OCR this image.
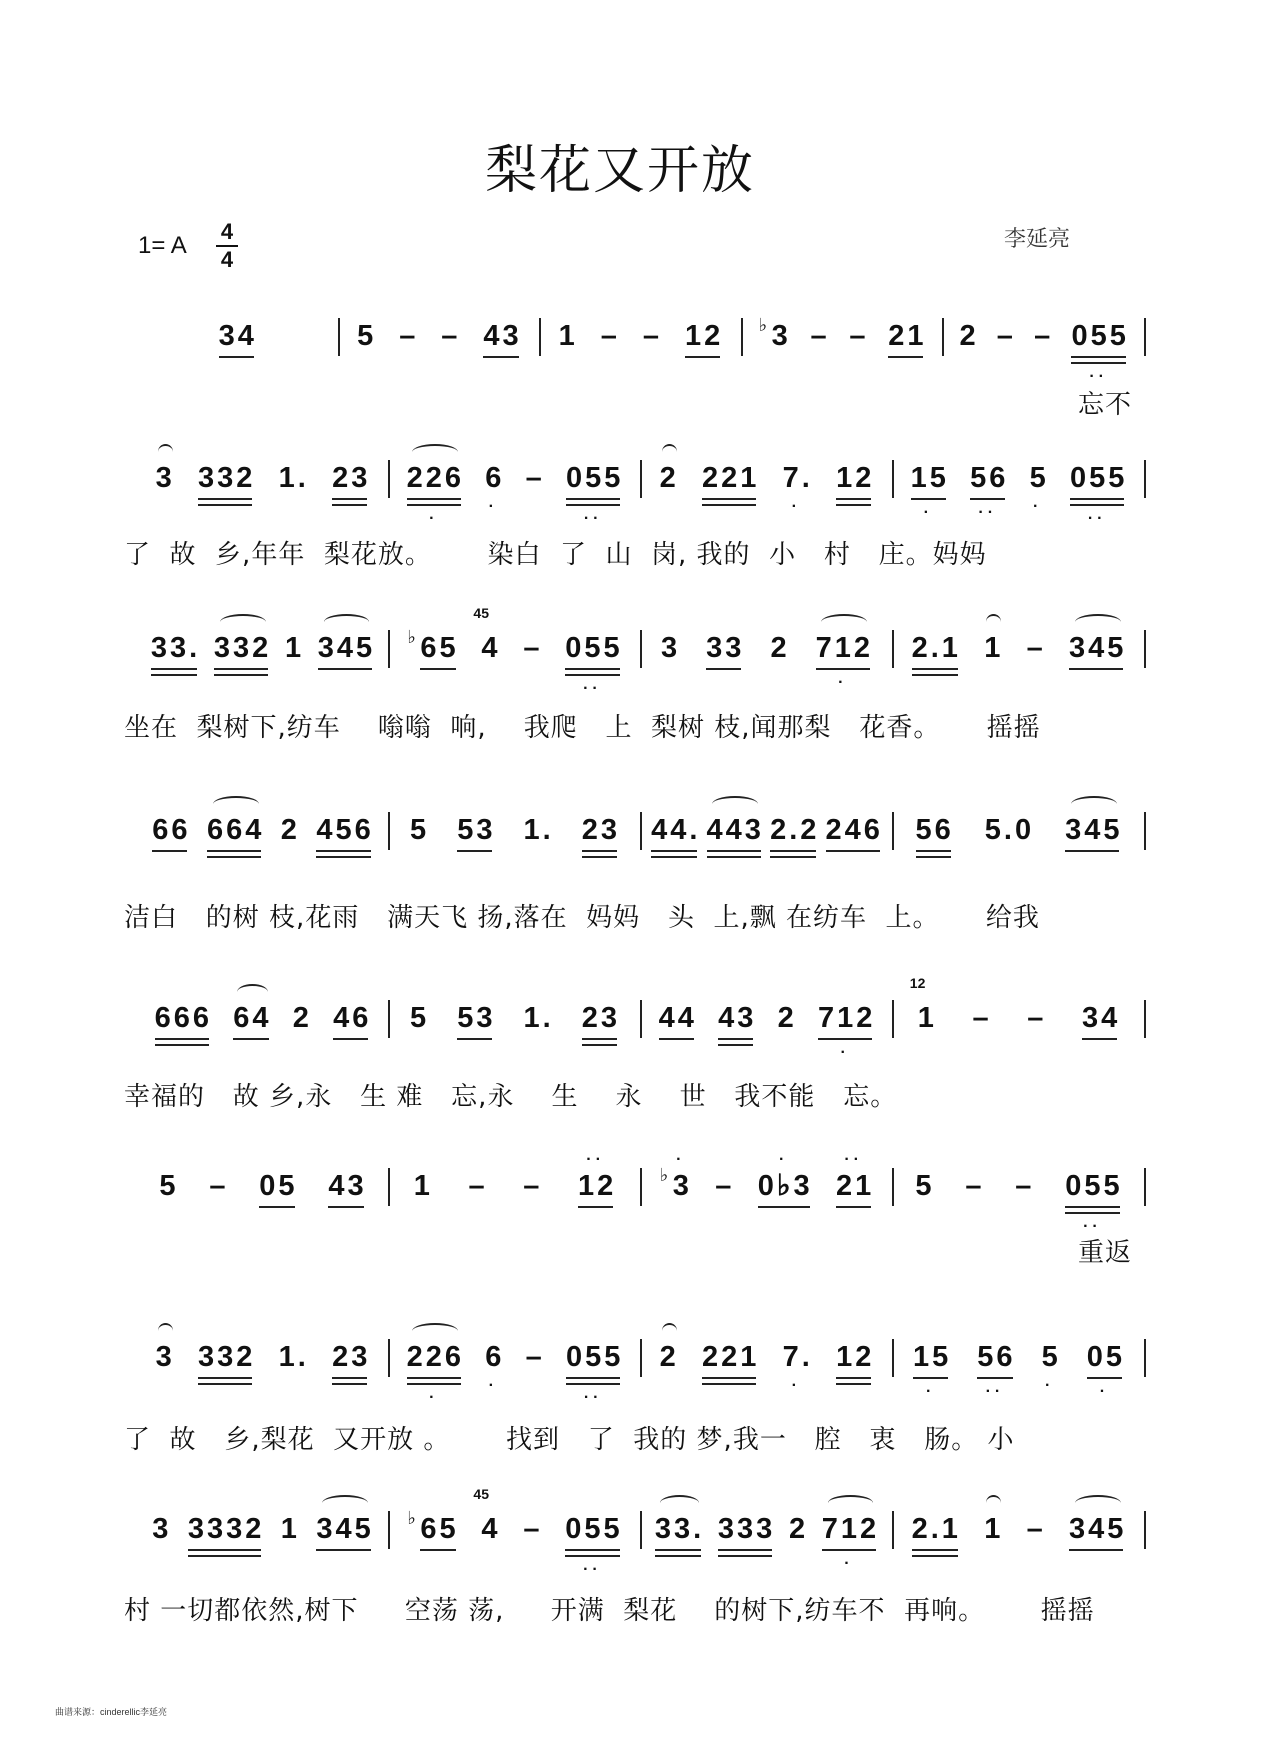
梨花又开放
1= A
4
4
李延亮
34	5 – – 43 1 – – 12 ♭ 3 – – 21 2 – – 055
··
忘不
3 332 1. 23 226
·
6
·
– 055
··
2 221 7.
·
12 15
·
56
··
5
·
055
··
了  故  乡,年年  梨花放。      染白  了  山  岗, 我的  小   村   庄。妈妈
33. 332 1 345 ♭ 65 4
45
– 055
··
3 33 2 712
·
2.1 1 – 345
坐在  梨树下,纺车    嗡嗡  响,    我爬   上  梨树 枝,闻那梨   花香。     摇摇
66 664 2 456 5 53 1. 23 44. 443 2.2 246 56 5.0 345
洁白   的树 枝,花雨   满天飞 扬,落在  妈妈   头  上,飘 在纺车  上。     给我
666 64 2 46 5 53 1. 23 44 43 2 712
·
1
12
– – 34
幸福的   故 乡,永   生 难   忘,永    生    永    世   我不能   忘。
5 – 05 43 1 – – 12
··
♭ 3
·
– 0♭3
·
21
··
5 – – 055
··
重返
3 332 1. 23 226
·
6
·
– 055
··
2 221 7.
·
12 15
·
56
··
5
·
05
·
了  故   乡,梨花  又开放 。      找到   了  我的 梦,我一   腔   衷   肠。 小
3 3332 1 345 ♭ 65 4
45
– 055
··
33. 333 2 712
·
2.1 1 – 345
村 一切都依然,树下     空荡 荡,     开满  梨花    的树下,纺车不  再响。      摇摇
曲谱来源：cinderellic李延亮
